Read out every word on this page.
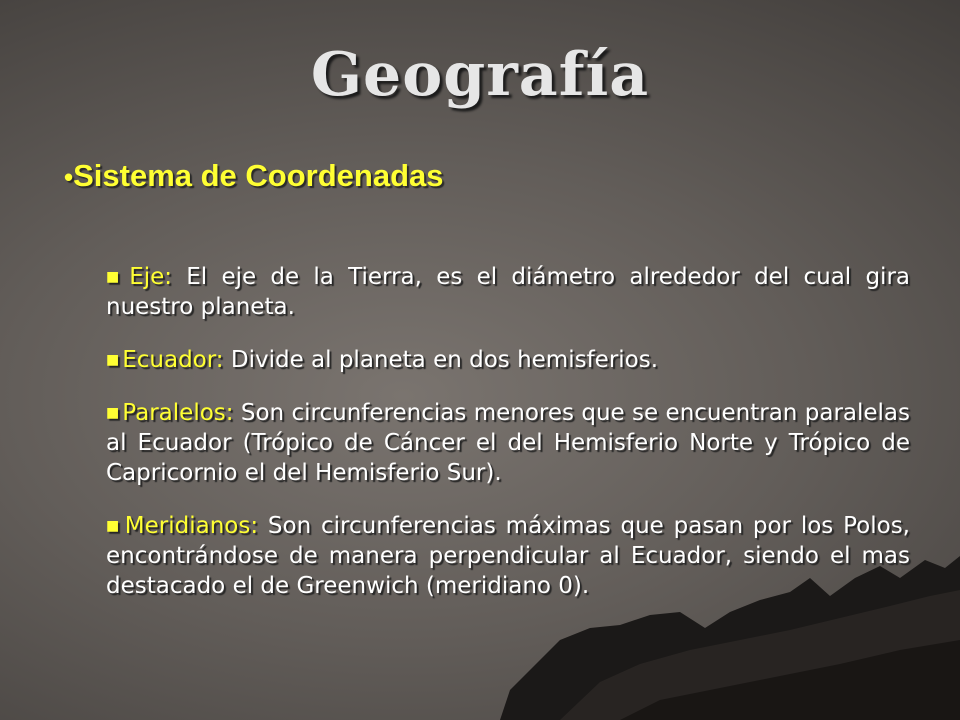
Geografía
•Sistema de Coordenadas
■ Eje: El eje de la Tierra, es el diámetro alrededor del cual gira nuestro planeta.
■ Ecuador: Divide al planeta en dos hemisferios.
■ Paralelos: Son circunferencias menores que se encuentran paralelas al Ecuador (Trópico de Cáncer el del Hemisferio Norte y Trópico de Capricornio el del Hemisferio Sur).
■ Meridianos: Son circunferencias máximas que pasan por los Polos, encontrándose de manera perpendicular al Ecuador, siendo el mas destacado el de Greenwich (meridiano 0).
